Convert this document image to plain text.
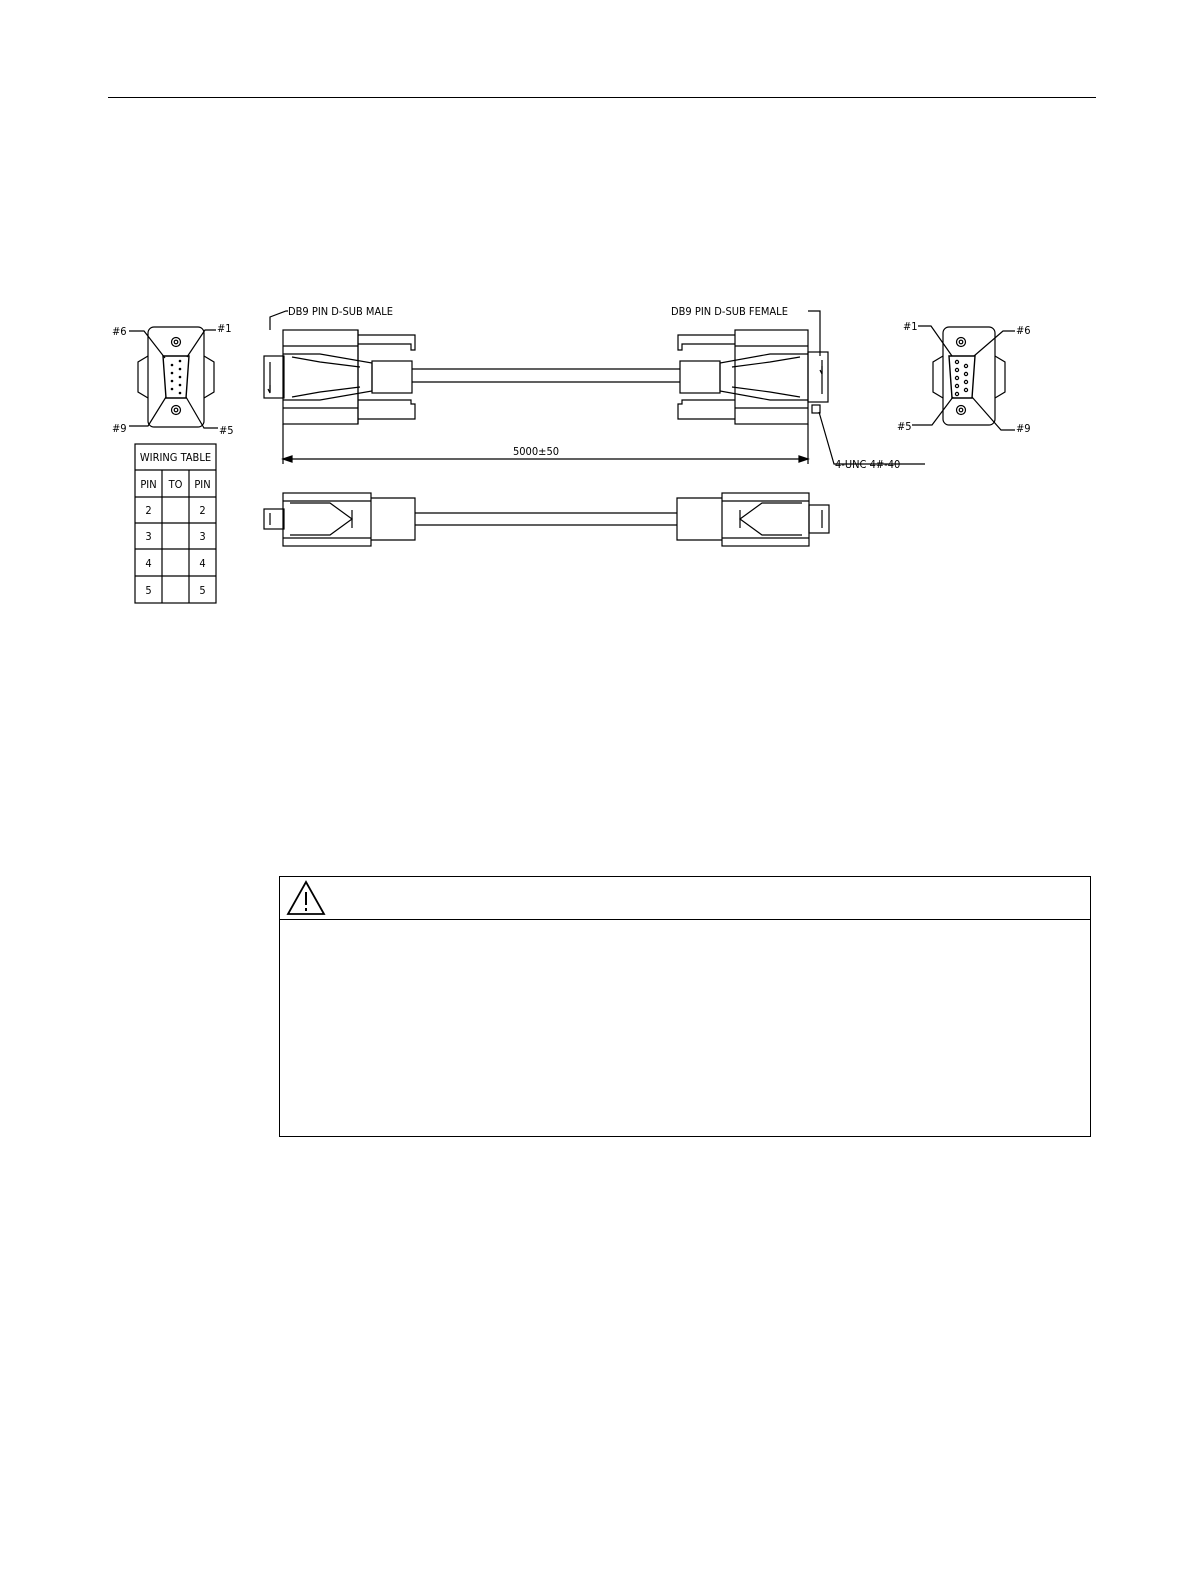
#6	#1
#9	#5
WIRING TABLE
PIN TO PIN
2	2
3	3
4	4
5	5
DB9 PIN D-SUB MALE	DB9 PIN D-SUB FEMALE
4-UNC 4#-40
5000±50
#1	#6
#5	#9
